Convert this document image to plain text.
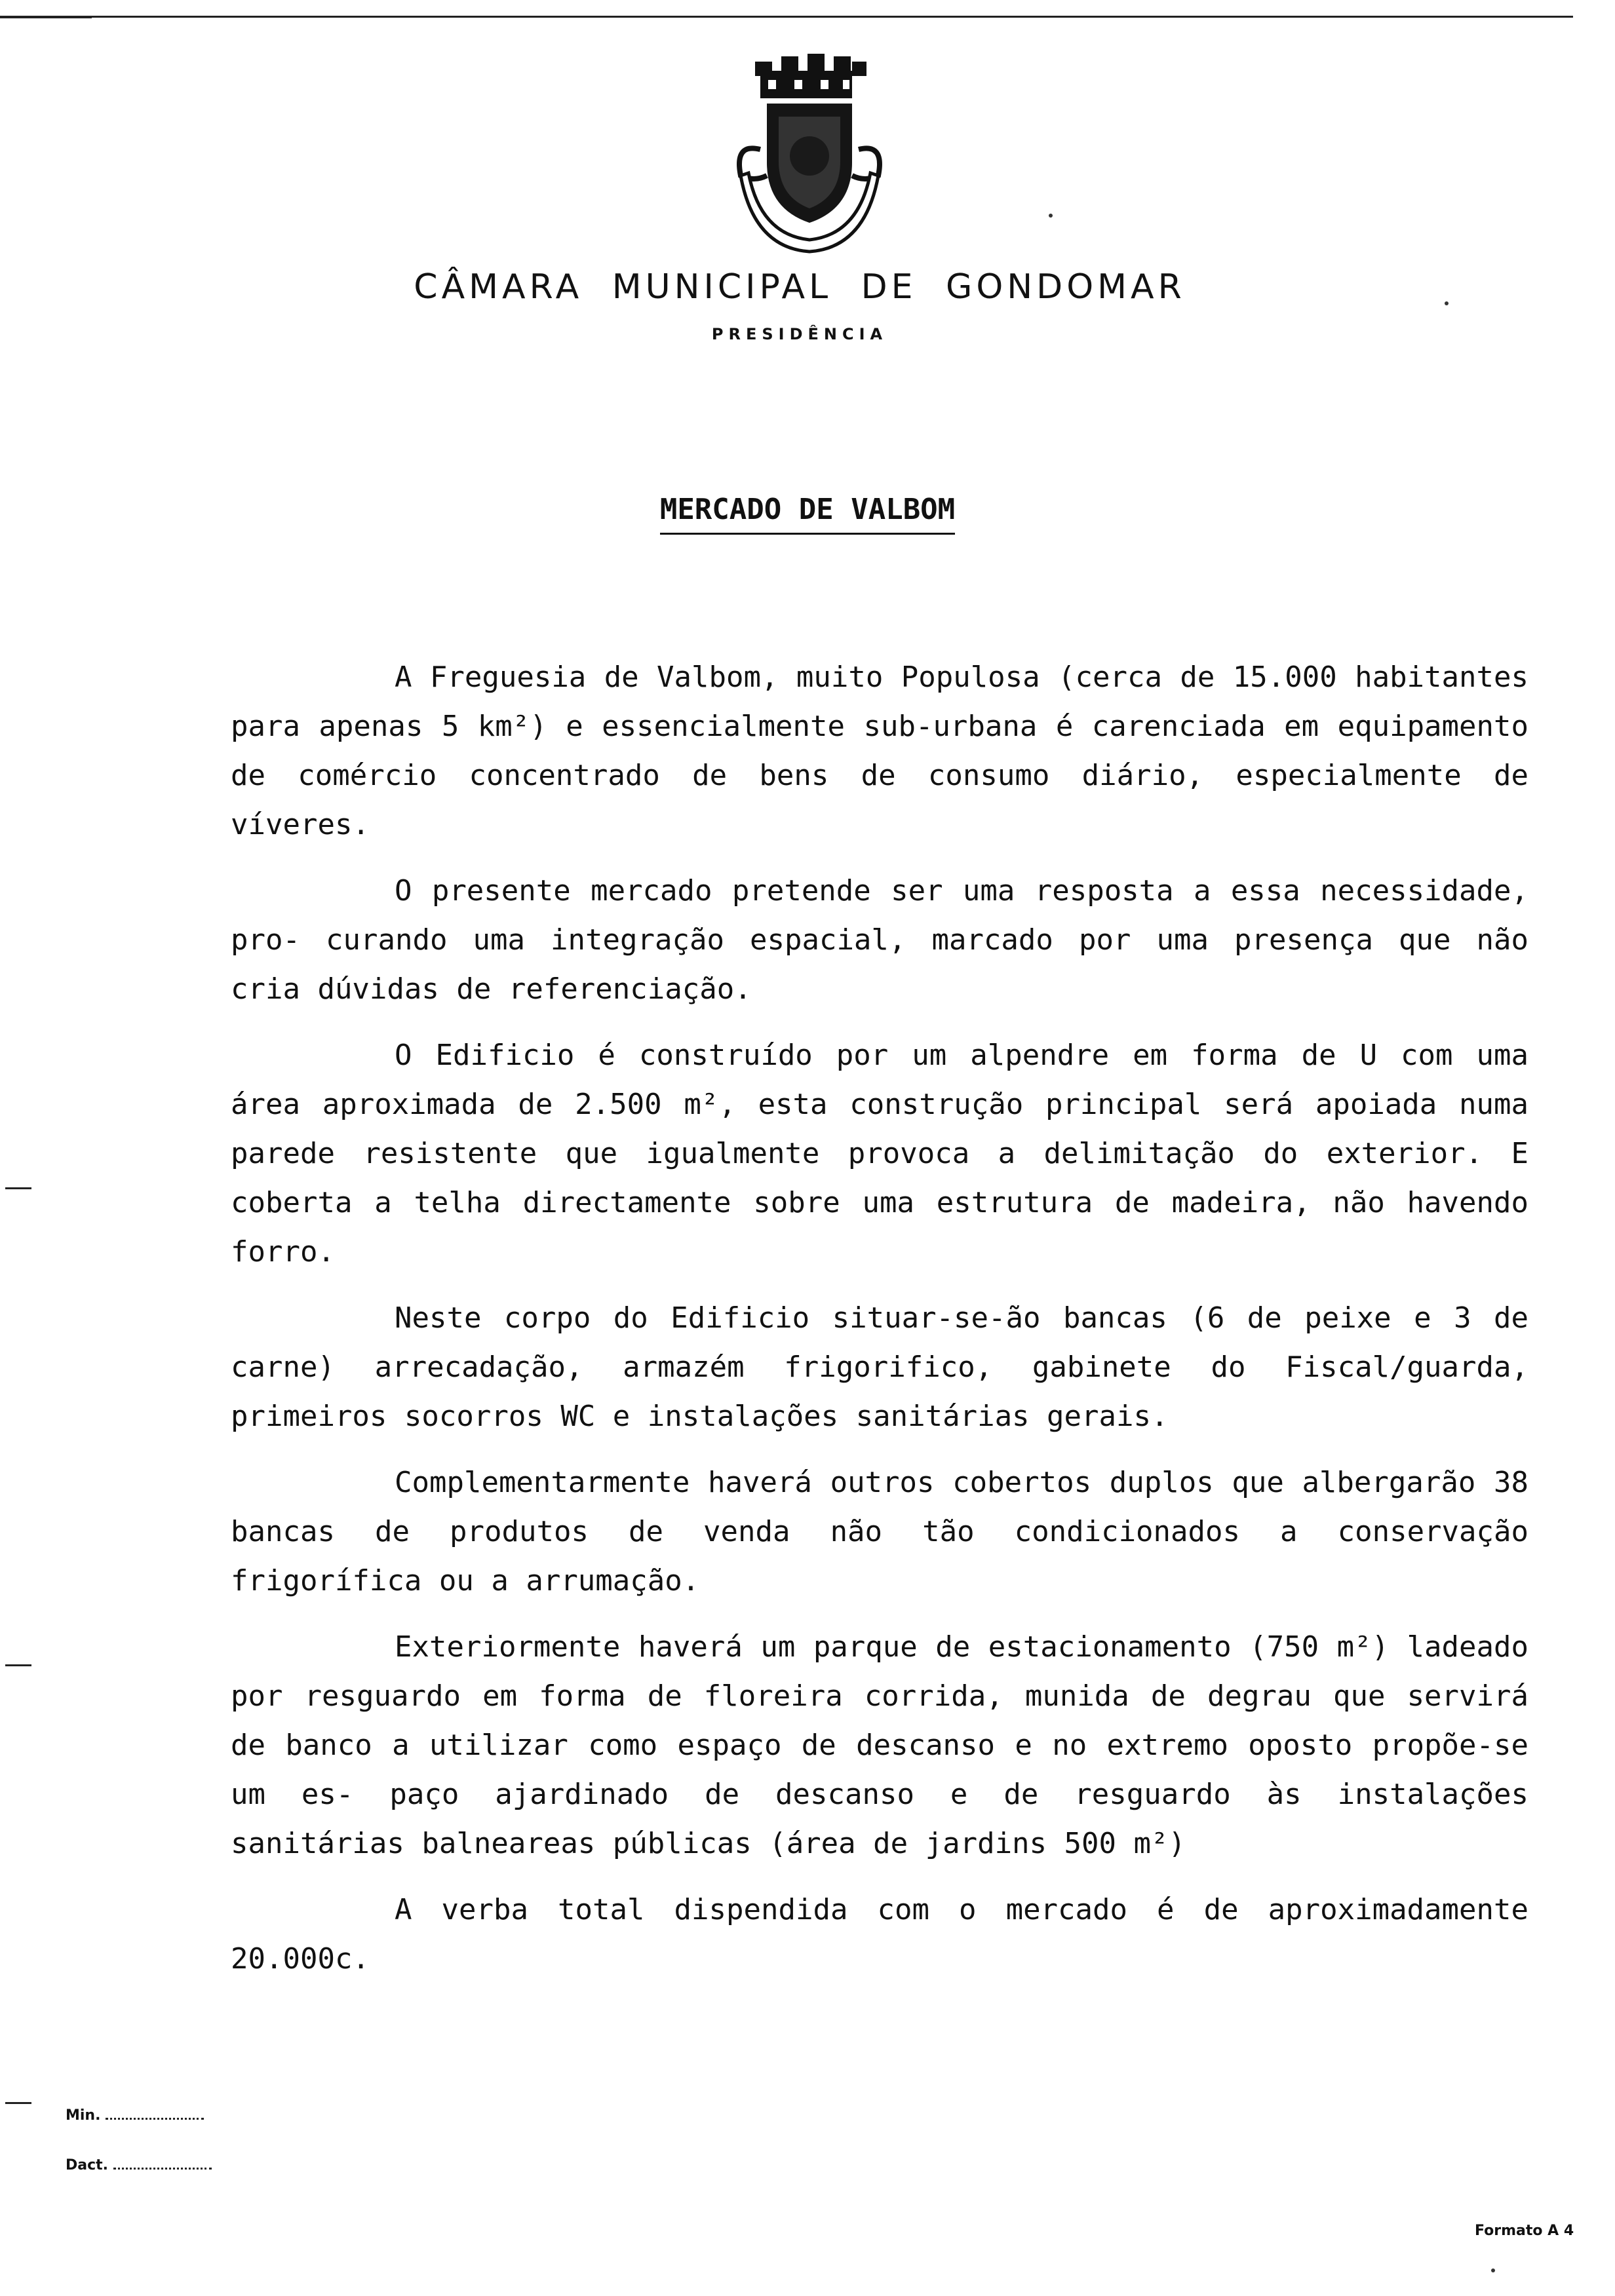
CÂMARA MUNICIPAL DE GONDOMAR
PRESIDÊNCIA
MERCADO DE VALBOM

A Freguesia de Valbom, muito Populosa (cerca de 15.000 habitantes para apenas 5 km²) e essencialmente sub-urbana é carenciada em equipamento de comércio concentrado de bens de consumo diário, especialmente de víveres.

O presente mercado pretende ser uma resposta a essa necessidade, pro- curando uma integração espacial, marcado por uma presença que não cria dúvidas de referenciação.

O Edificio é construído por um alpendre em forma de U com uma área aproximada de 2.500 m², esta construção principal será apoiada numa parede resistente que igualmente provoca a delimitação do exterior. E coberta a telha directamente sobre uma estrutura de madeira, não havendo forro.

Neste corpo do Edificio situar-se-ão bancas (6 de peixe e 3 de carne) arrecadação, armazém frigorifico, gabinete do Fiscal/guarda, primeiros socorros WC e instalações sanitárias gerais.

Complementarmente haverá outros cobertos duplos que albergarão 38 bancas de produtos de venda não tão condicionados a conservação frigorífica ou a arrumação.

Exteriormente haverá um parque de estacionamento (750 m²) ladeado por resguardo em forma de floreira corrida, munida de degrau que servirá de banco a utilizar como espaço de descanso e no extremo oposto propõe-se um es- paço ajardinado de descanso e de resguardo às instalações sanitárias balneareas públicas (área de jardins 500 m²)

A verba total dispendida com o mercado é de aproximadamente 20.000c.

Min.
Dact.
Formato A 4
